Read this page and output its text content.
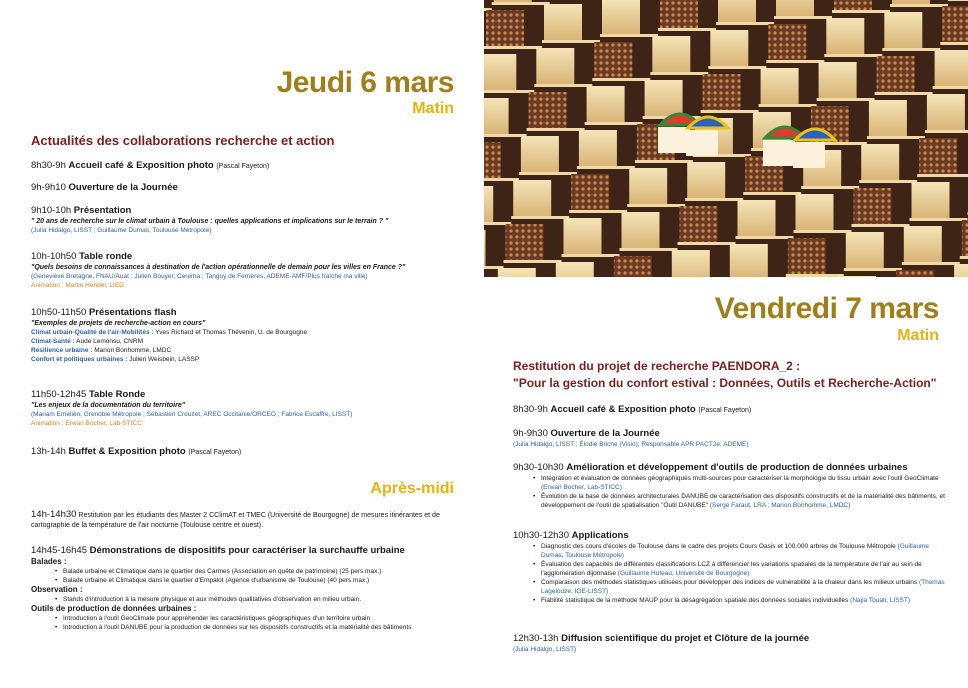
Jeudi 6 mars
Matin
Actualités des collaborations recherche et action
8h30-9h Accueil café & Exposition photo (Pascal Fayeton)
9h-9h10 Ouverture de la Journée
9h10-10h Présentation
" 20 ans de recherche sur le climat urbain à Toulouse : quelles applications et implications sur le terrain ? "
(Julia Hidalgo, LISST ; Guillaume Dumas, Toulouse Métropole)
10h-10h50 Table ronde
"Quels besoins de connaissances à destination de l'action opérationnelle de demain pour les villes en France ?"
(Geneviève Bretagne, FNAU/Auat ; Julien Bouyer, Cerema ; Tanguy de Ferrières, ADEME-AMF/Plus fraîche ma ville)
Animation : Martin Hendel, LIED
10h50-11h50 Présentations flash
"Exemples de projets de recherche-action en cours"
Climat urbain-Qualité de l'air-Mobilités : Yves Richard et Thomas Thévenin, U. de Bourgogne
Climat-Santé : Aude Lemonsu, CNRM
Résilience urbaine : Marion Bonhomme, LMDC
Confort et politiques urbaines : Julien Weisbein, LASSP
11h50-12h45 Table Ronde
"Les enjeux de la documentation du territoire"
(Mariam Emelien, Grenoble Métropole ; Sébastien Crouzet, AREC Occitanie/ORCEO ; Fabrice Escaffre, LISST)
Animation : Erwan Bocher, Lab-STICC
13h-14h Buffet & Exposition photo (Pascal Fayeton)
Après-midi
14h-14h30 Restitution par les étudiants des Master 2 CClimAT et TMEC (Université de Bourgogne) de mesures itinérantes et de cartographie de la température de l'air nocturne (Toulouse centre et ouest).
14h45-16h45 Démonstrations de dispositifs pour caractériser la surchauffe urbaine
Balades :
• Balade urbaine et Climatique dans le quartier des Carmes (Association en quête de patrimoine) (25 pers max.)
• Balade urbaine et Climatique dans le quartier d'Empalot (Agence d'urbanisme de Toulouse) (40 pers max.)
Observation :
• Stands d'introduction à la mesure physique et aux méthodes qualitatives d'observation en milieu urbain.
Outils de production de données urbaines :
• Introduction à l'outil GeoClimate pour appréhender les caractéristiques géographiques d'un territoire urbain
• Introduction à l'outil DANUBE pour la production de données sur les dispositifs constructifs et la matérialité des bâtiments
Vendredi 7 mars
Matin
Restitution du projet de recherche PAENDORA_2 :
"Pour la gestion du confort estival : Données, Outils et Recherche-Action"
8h30-9h Accueil café & Exposition photo (Pascal Fayeton)
9h-9h30 Ouverture de la Journée
(Julia Hidalgo, LISST ; Élodie Briche (Visio), Responsable APR PACT2e, ADEME)
9h30-10h30 Amélioration et développement d'outils de production de données urbaines
• Intégration et évaluation de données géographiques multi-sources pour caractériser la morphologie du tissu urbain avec l'outil GeoClimate (Erwan Bocher, Lab-STICC)
• Évolution de la base de données architecturales DANUBE de caractérisation des dispositifs constructifs et de la matérialité des bâtiments, et développement de l'outil de spatialisation "Outil DANUBE" (Serge Faraut, LRA ; Marion Bonhomme, LMDC)
10h30-12h30 Applications
• Diagnostic des cours d'écoles de Toulouse dans le cadre des projets Cours Oasis et 100.000 arbres de Toulouse Métropole (Guillaume Dumas, Toulouse Métropole)
• Évaluation des capacités de différentes classifications LCZ à différencier les variations spatiales de la température de l'air au sein de l'agglomération dijonnaise (Guillaume Huteau, Université de Bourgogne)
• Comparaison des méthodes statistiques utilisées pour développer des indices de vulnérabilité à la chaleur dans les milieux urbains (Thomas Lagelouze, IGE-LISST)
• Fiabilité statistique de la méthode MAUP pour la désagrégation spatiale des données sociales individuelles (Najla Touati, LISST)
12h30-13h Diffusion scientifique du projet et Clôture de la journée
(Julia Hidalgo, LISST)
